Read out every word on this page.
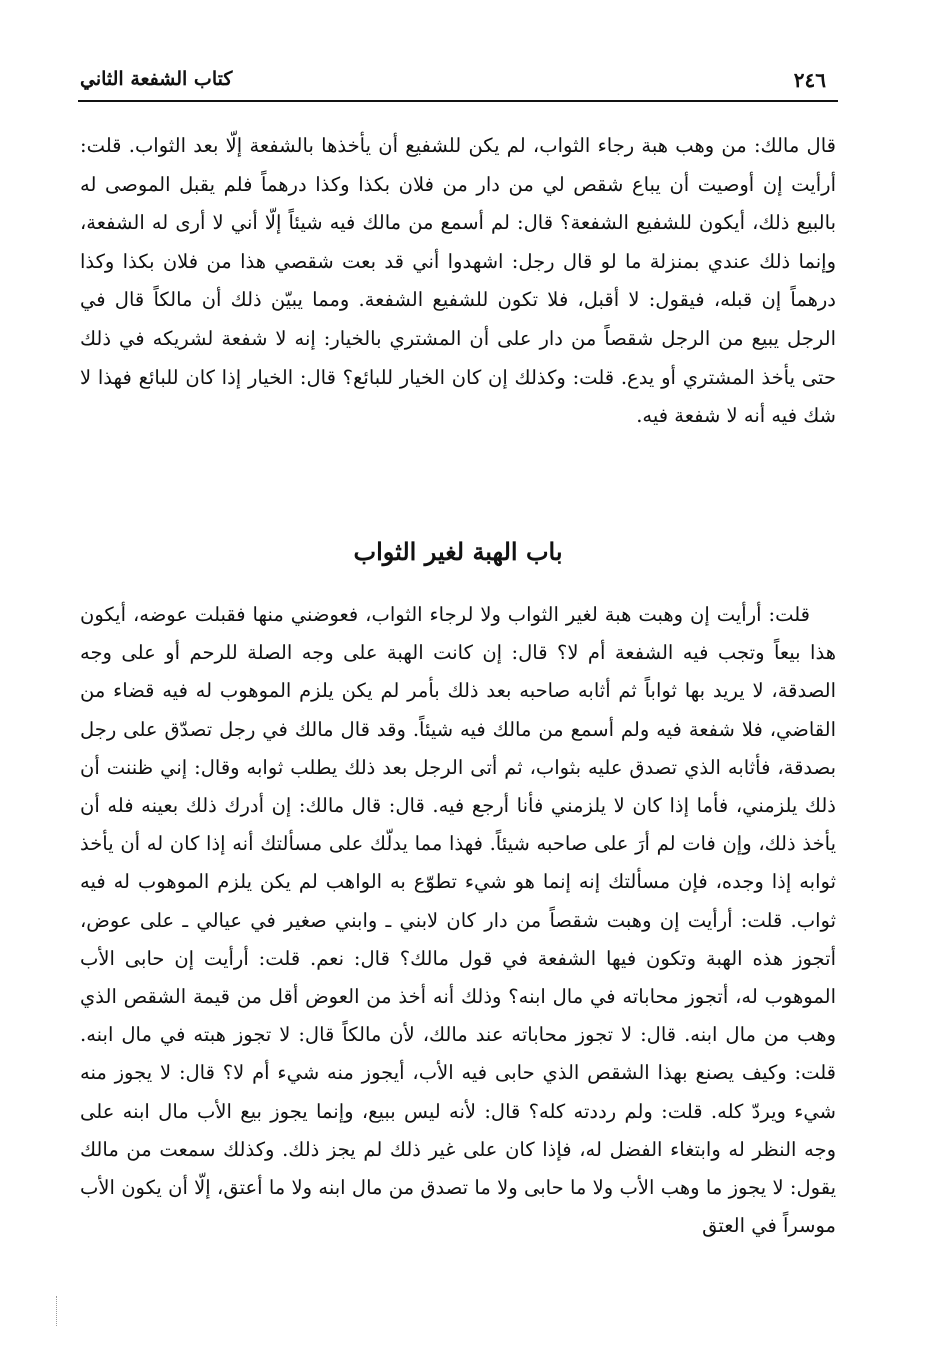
٢٤٦
كتاب الشفعة الثاني

قال مالك: من وهب هبة رجاء الثواب، لم يكن للشفيع أن يأخذها بالشفعة إلّا بعد الثواب. قلت: أرأيت إن أوصيت أن يباع شقص لي من دار من فلان بكذا وكذا درهماً فلم يقبل الموصى له بالبيع ذلك، أيكون للشفيع الشفعة؟ قال: لم أسمع من مالك فيه شيئاً إلّا أني لا أرى له الشفعة، وإنما ذلك عندي بمنزلة ما لو قال رجل: اشهدوا أني قد بعت شقصي هذا من فلان بكذا وكذا درهماً إن قبله، فيقول: لا أقبل، فلا تكون للشفيع الشفعة. ومما يبيّن ذلك أن مالكاً قال في الرجل يبيع من الرجل شقصاً من دار على أن المشتري بالخيار: إنه لا شفعة لشريكه في ذلك حتى يأخذ المشتري أو يدع. قلت: وكذلك إن كان الخيار للبائع؟ قال: الخيار إذا كان للبائع فهذا لا شك فيه أنه لا شفعة فيه.

باب الهبة لغير الثواب

قلت: أرأيت إن وهبت هبة لغير الثواب ولا لرجاء الثواب، فعوضني منها فقبلت عوضه، أيكون هذا بيعاً وتجب فيه الشفعة أم لا؟ قال: إن كانت الهبة على وجه الصلة للرحم أو على وجه الصدقة، لا يريد بها ثواباً ثم أثابه صاحبه بعد ذلك بأمر لم يكن يلزم الموهوب له فيه قضاء من القاضي، فلا شفعة فيه ولم أسمع من مالك فيه شيئاً. وقد قال مالك في رجل تصدّق على رجل بصدقة، فأثابه الذي تصدق عليه بثواب، ثم أتى الرجل بعد ذلك يطلب ثوابه وقال: إني ظننت أن ذلك يلزمني، فأما إذا كان لا يلزمني فأنا أرجع فيه. قال: قال مالك: إن أدرك ذلك بعينه فله أن يأخذ ذلك، وإن فات لم أرَ على صاحبه شيئاً. فهذا مما يدلّك على مسألتك أنه إذا كان له أن يأخذ ثوابه إذا وجده، فإن مسألتك إنه إنما هو شيء تطوّع به الواهب لم يكن يلزم الموهوب له فيه ثواب. قلت: أرأيت إن وهبت شقصاً من دار كان لابني ـ وابني صغير في عيالي ـ على عوض، أتجوز هذه الهبة وتكون فيها الشفعة في قول مالك؟ قال: نعم. قلت: أرأيت إن حابى الأب الموهوب له، أتجوز محاباته في مال ابنه؟ وذلك أنه أخذ من العوض أقل من قيمة الشقص الذي وهب من مال ابنه. قال: لا تجوز محاباته عند مالك، لأن مالكاً قال: لا تجوز هبته في مال ابنه. قلت: وكيف يصنع بهذا الشقص الذي حابى فيه الأب، أيجوز منه شيء أم لا؟ قال: لا يجوز منه شيء ويردّ كله. قلت: ولم رددته كله؟ قال: لأنه ليس ببيع، وإنما يجوز بيع الأب مال ابنه على وجه النظر له وابتغاء الفضل له، فإذا كان على غير ذلك لم يجز ذلك. وكذلك سمعت من مالك يقول: لا يجوز ما وهب الأب ولا ما حابى ولا ما تصدق من مال ابنه ولا ما أعتق، إلّا أن يكون الأب موسراً في العتق
